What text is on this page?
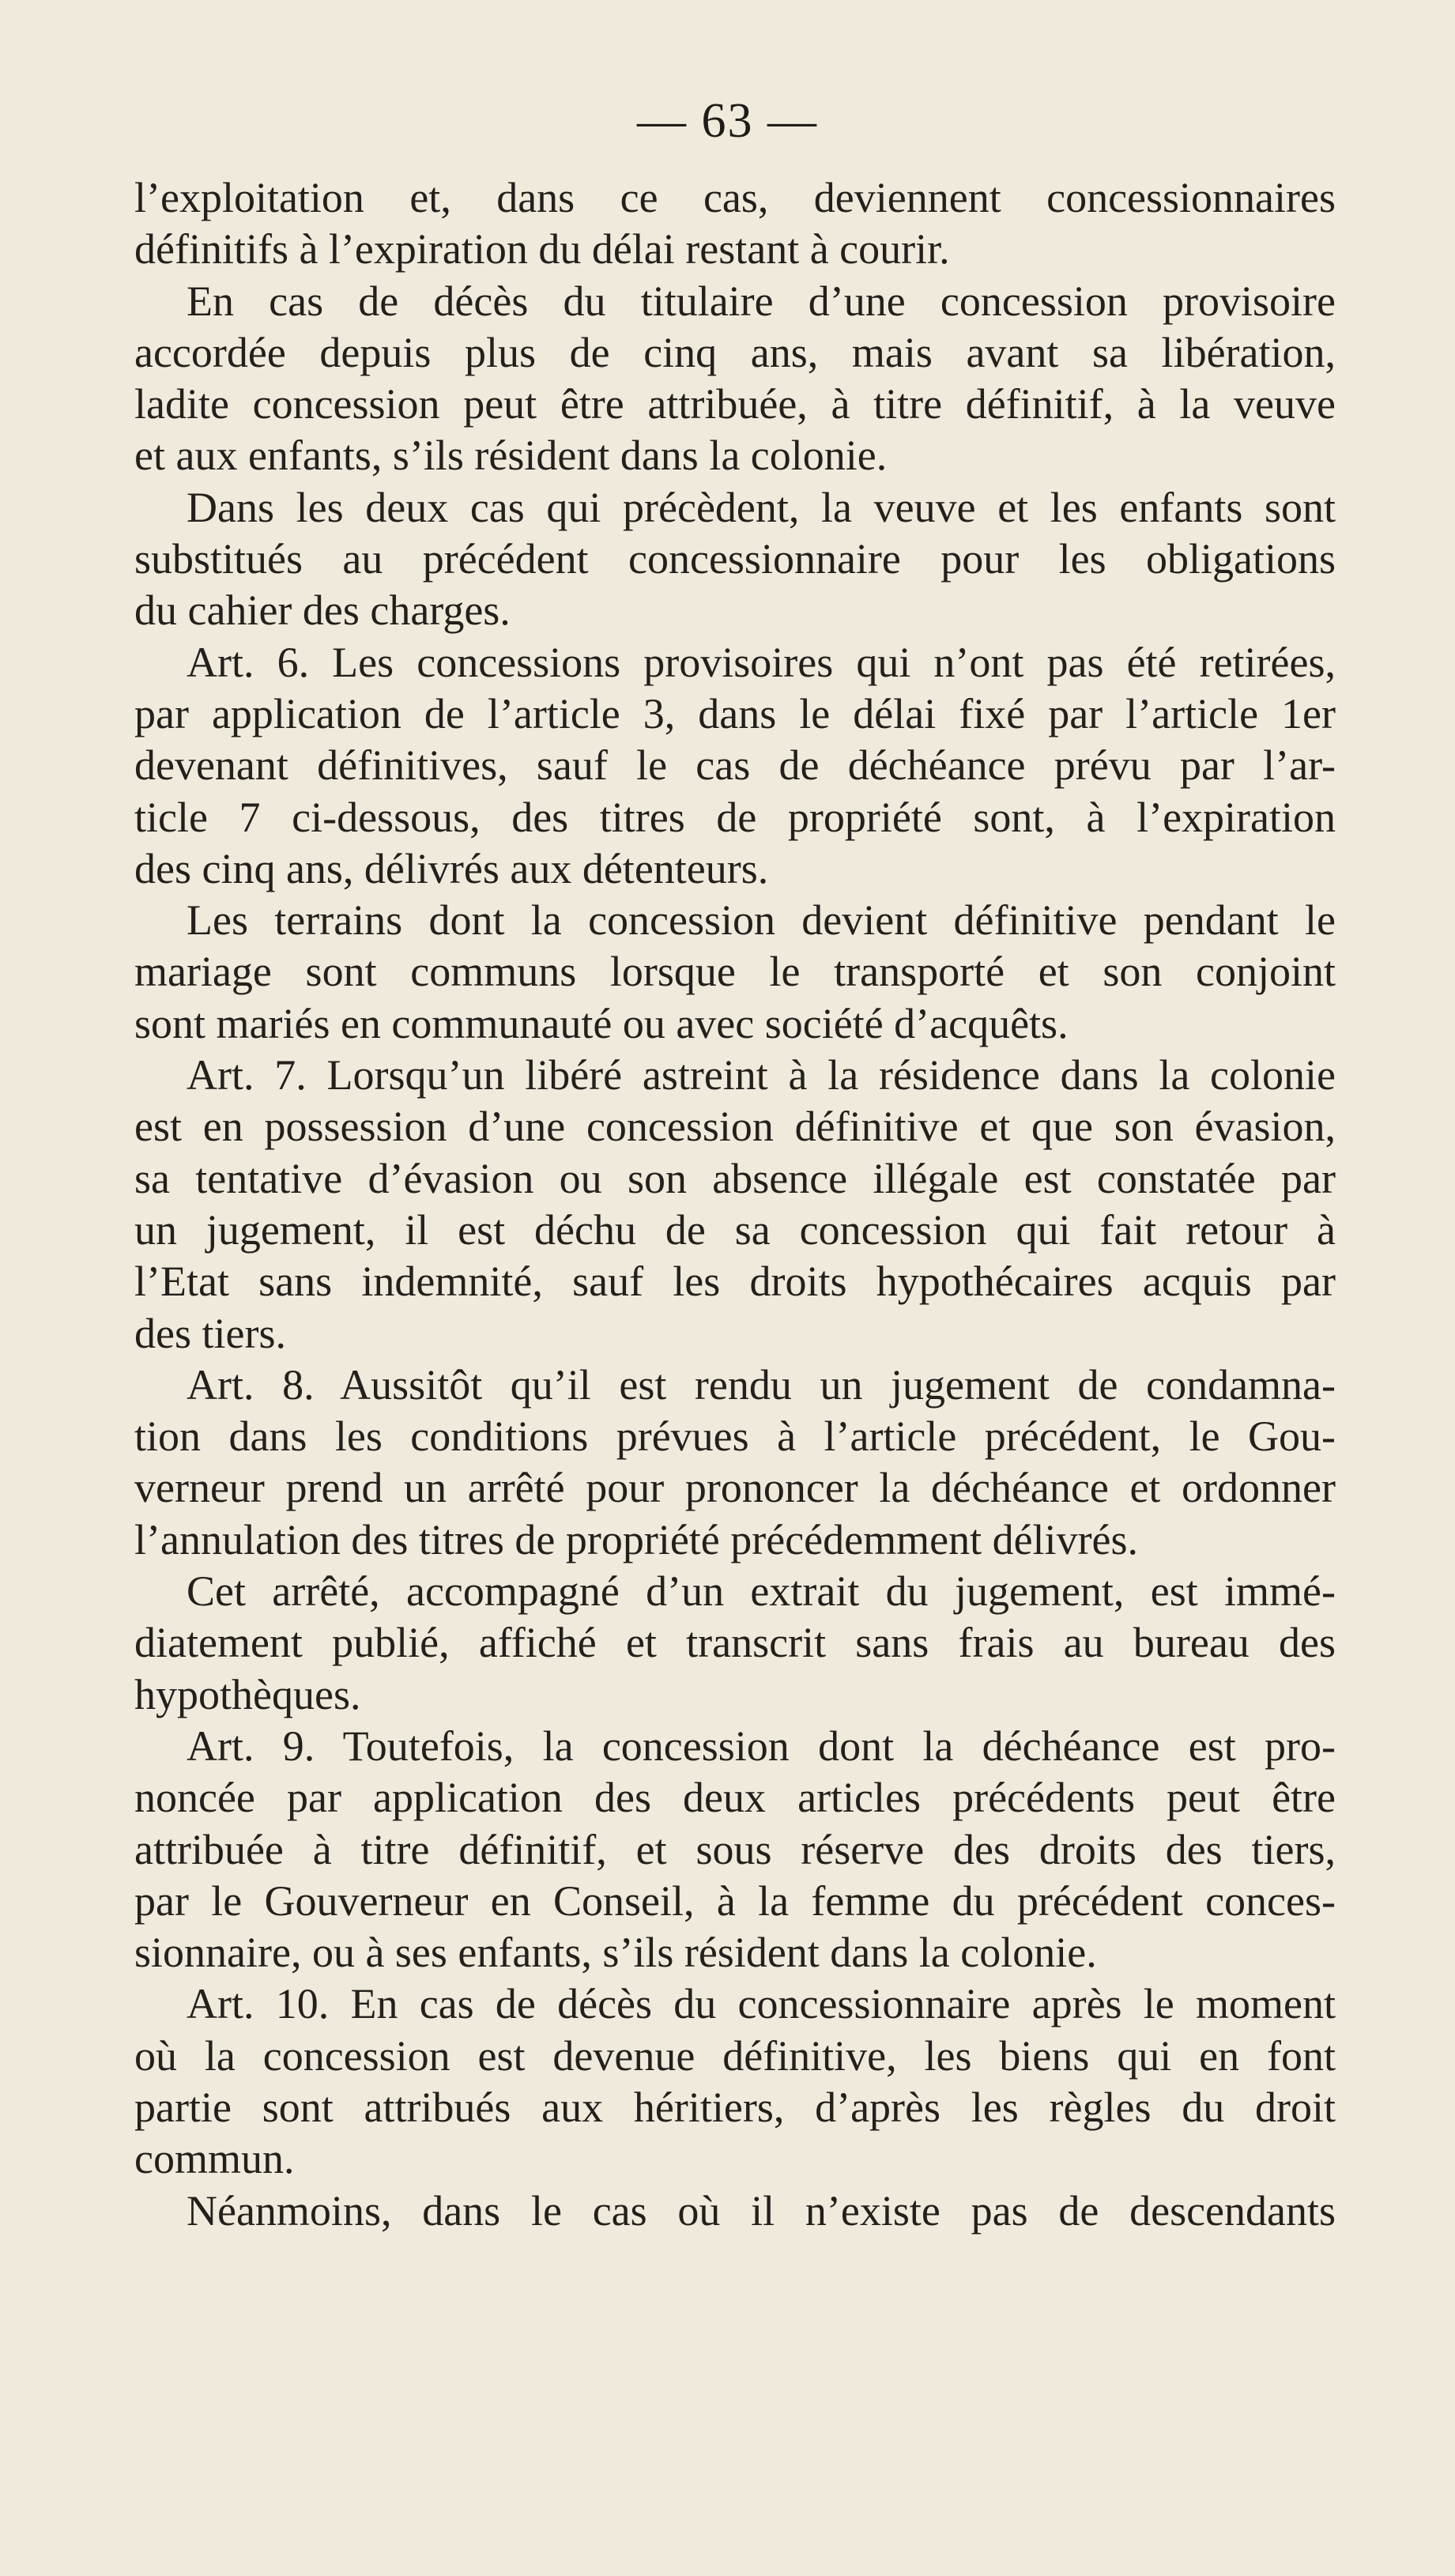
— 63 —
l’exploitation et, dans ce cas, deviennent concessionnaires
définitifs à l’expiration du délai restant à courir.
En cas de décès du titulaire d’une concession provisoire
accordée depuis plus de cinq ans, mais avant sa libération,
ladite concession peut être attribuée, à titre définitif, à la veuve
et aux enfants, s’ils résident dans la colonie.
Dans les deux cas qui précèdent, la veuve et les enfants sont
substitués au précédent concessionnaire pour les obligations
du cahier des charges.
Art. 6. Les concessions provisoires qui n’ont pas été retirées,
par application de l’article 3, dans le délai fixé par l’article 1er
devenant définitives, sauf le cas de déchéance prévu par l’ar-
ticle 7 ci-dessous, des titres de propriété sont, à l’expiration
des cinq ans, délivrés aux détenteurs.
Les terrains dont la concession devient définitive pendant le
mariage sont communs lorsque le transporté et son conjoint
sont mariés en communauté ou avec société d’acquêts.
Art. 7. Lorsqu’un libéré astreint à la résidence dans la colonie
est en possession d’une concession définitive et que son évasion,
sa tentative d’évasion ou son absence illégale est constatée par
un jugement, il est déchu de sa concession qui fait retour à
l’Etat sans indemnité, sauf les droits hypothécaires acquis par
des tiers.
Art. 8. Aussitôt qu’il est rendu un jugement de condamna-
tion dans les conditions prévues à l’article précédent, le Gou-
verneur prend un arrêté pour prononcer la déchéance et ordonner
l’annulation des titres de propriété précédemment délivrés.
Cet arrêté, accompagné d’un extrait du jugement, est immé-
diatement publié, affiché et transcrit sans frais au bureau des
hypothèques.
Art. 9. Toutefois, la concession dont la déchéance est pro-
noncée par application des deux articles précédents peut être
attribuée à titre définitif, et sous réserve des droits des tiers,
par le Gouverneur en Conseil, à la femme du précédent conces-
sionnaire, ou à ses enfants, s’ils résident dans la colonie.
Art. 10. En cas de décès du concessionnaire après le moment
où la concession est devenue définitive, les biens qui en font
partie sont attribués aux héritiers, d’après les règles du droit
commun.
Néanmoins, dans le cas où il n’existe pas de descendants
